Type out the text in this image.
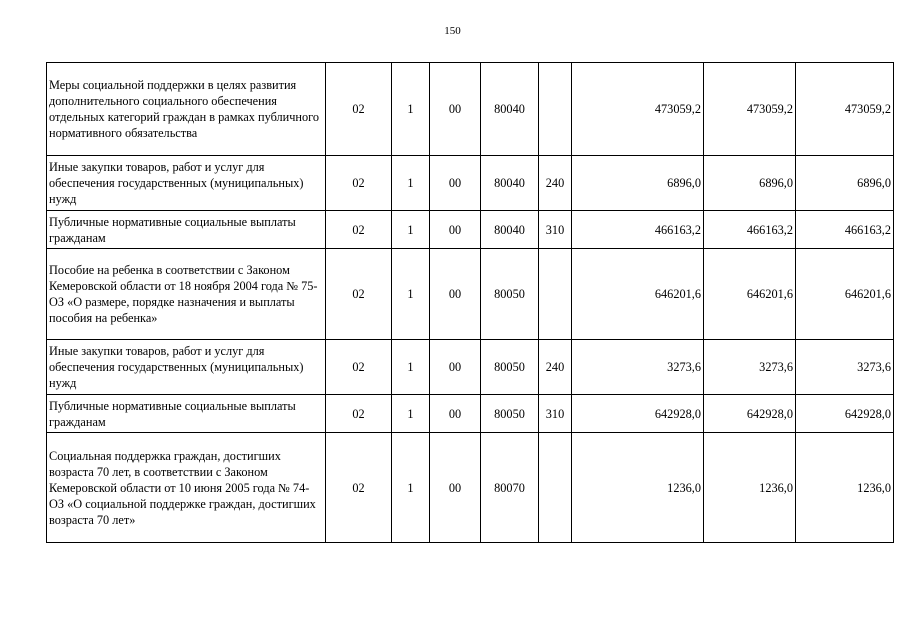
150
Меры социальной поддержки в целях развития дополнительного социального обеспечения отдельных категорий граждан в рамках публичного нормативного обязательства	02	1	00	80040		473059,2	473059,2	473059,2
Иные закупки товаров, работ и услуг для обеспечения государственных (муниципальных) нужд	02	1	00	80040	240	6896,0	6896,0	6896,0
Публичные нормативные социальные выплаты гражданам	02	1	00	80040	310	466163,2	466163,2	466163,2
Пособие на ребенка в соответствии с Законом Кемеровской области от 18 ноября 2004 года № 75-ОЗ «О размере, порядке назначения и выплаты пособия на ребенка»	02	1	00	80050		646201,6	646201,6	646201,6
Иные закупки товаров, работ и услуг для обеспечения государственных (муниципальных) нужд	02	1	00	80050	240	3273,6	3273,6	3273,6
Публичные нормативные социальные выплаты гражданам	02	1	00	80050	310	642928,0	642928,0	642928,0
Социальная поддержка граждан, достигших возраста 70 лет, в соответствии с Законом Кемеровской области от 10 июня 2005 года № 74-ОЗ «О социальной поддержке граждан, достигших возраста 70 лет»	02	1	00	80070		1236,0	1236,0	1236,0
